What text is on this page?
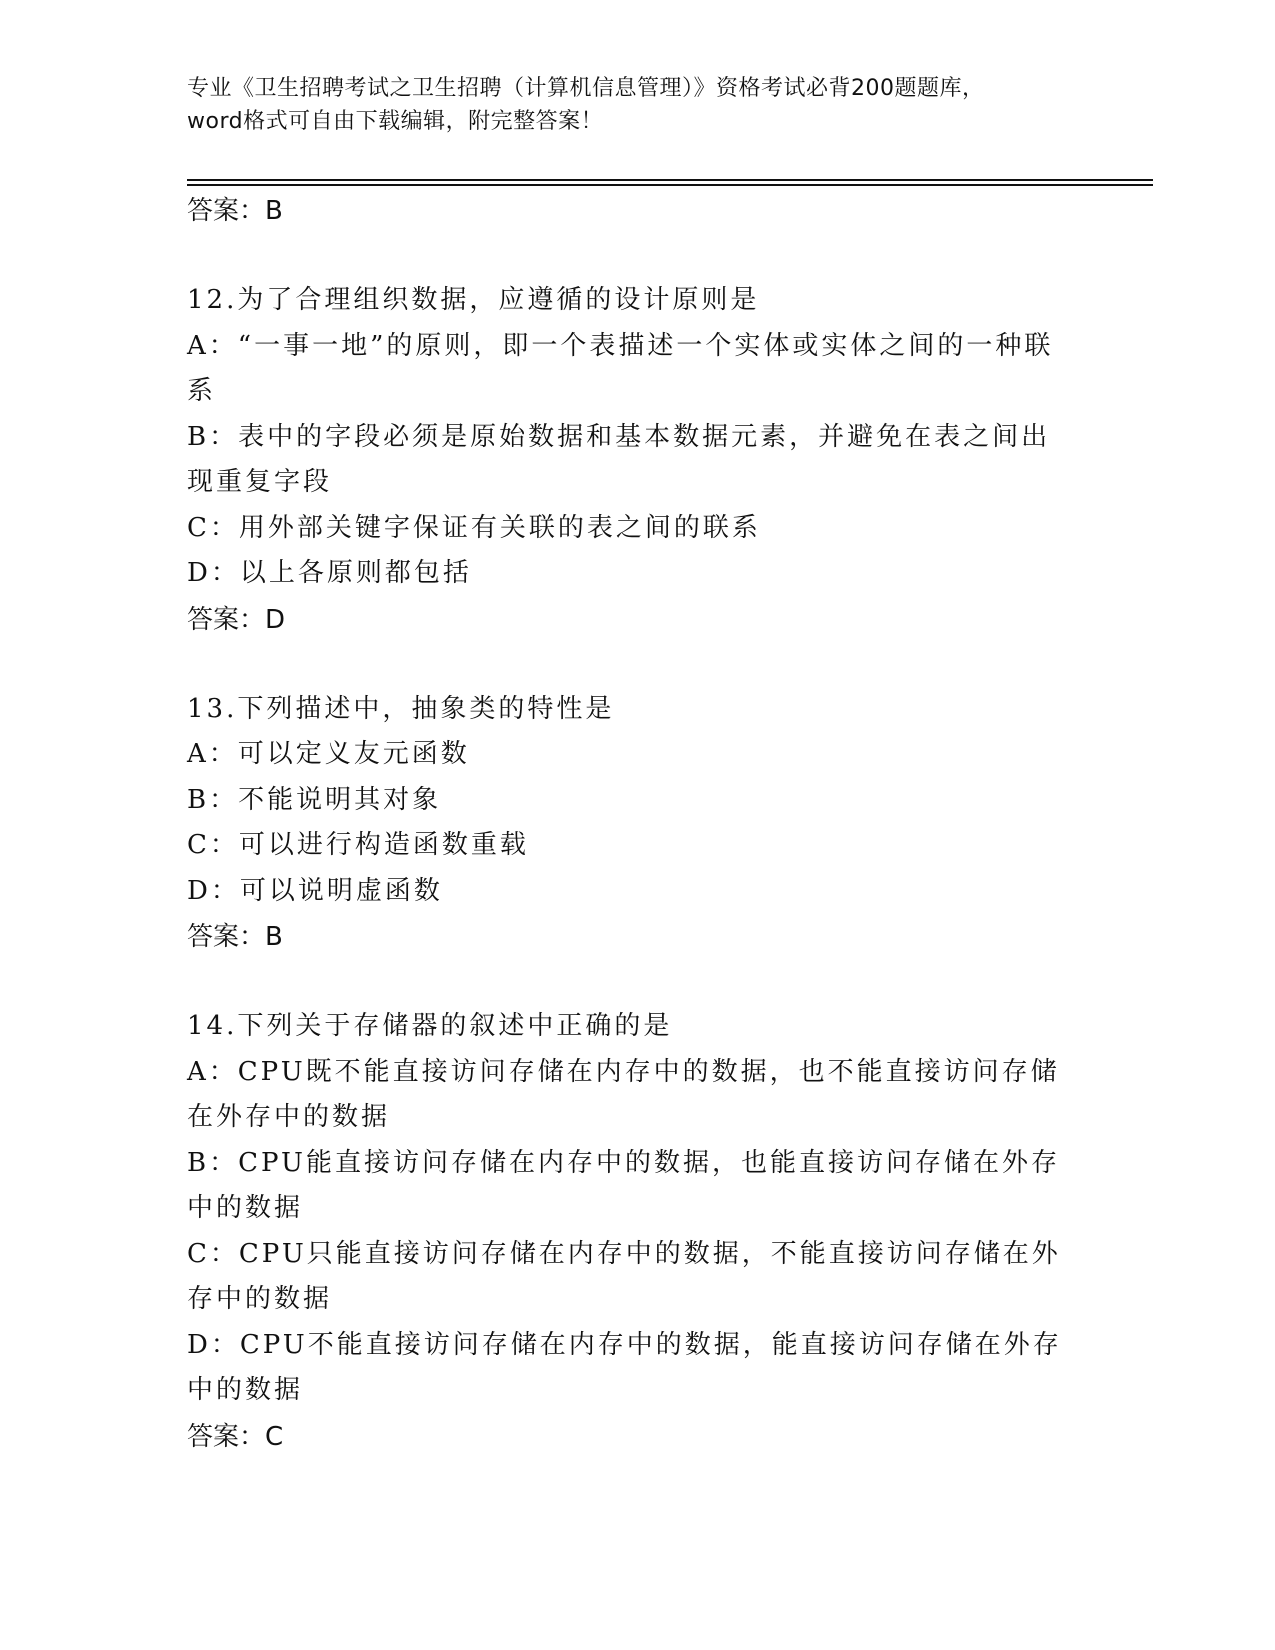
专业《卫生招聘考试之卫生招聘（计算机信息管理）》资格考试必背200题题库，
word格式可自由下载编辑，附完整答案！
答案：B
12.为了合理组织数据，应遵循的设计原则是
A：“一事一地”的原则，即一个表描述一个实体或实体之间的一种联系
B：表中的字段必须是原始数据和基本数据元素，并避免在表之间出现重复字段
C：用外部关键字保证有关联的表之间的联系
D：以上各原则都包括
答案：D
13.下列描述中，抽象类的特性是
A：可以定义友元函数
B：不能说明其对象
C：可以进行构造函数重载
D：可以说明虚函数
答案：B
14.下列关于存储器的叙述中正确的是
A：CPU既不能直接访问存储在内存中的数据，也不能直接访问存储在外存中的数据
B：CPU能直接访问存储在内存中的数据，也能直接访问存储在外存中的数据
C：CPU只能直接访问存储在内存中的数据，不能直接访问存储在外存中的数据
D：CPU不能直接访问存储在内存中的数据，能直接访问存储在外存中的数据
答案：C
